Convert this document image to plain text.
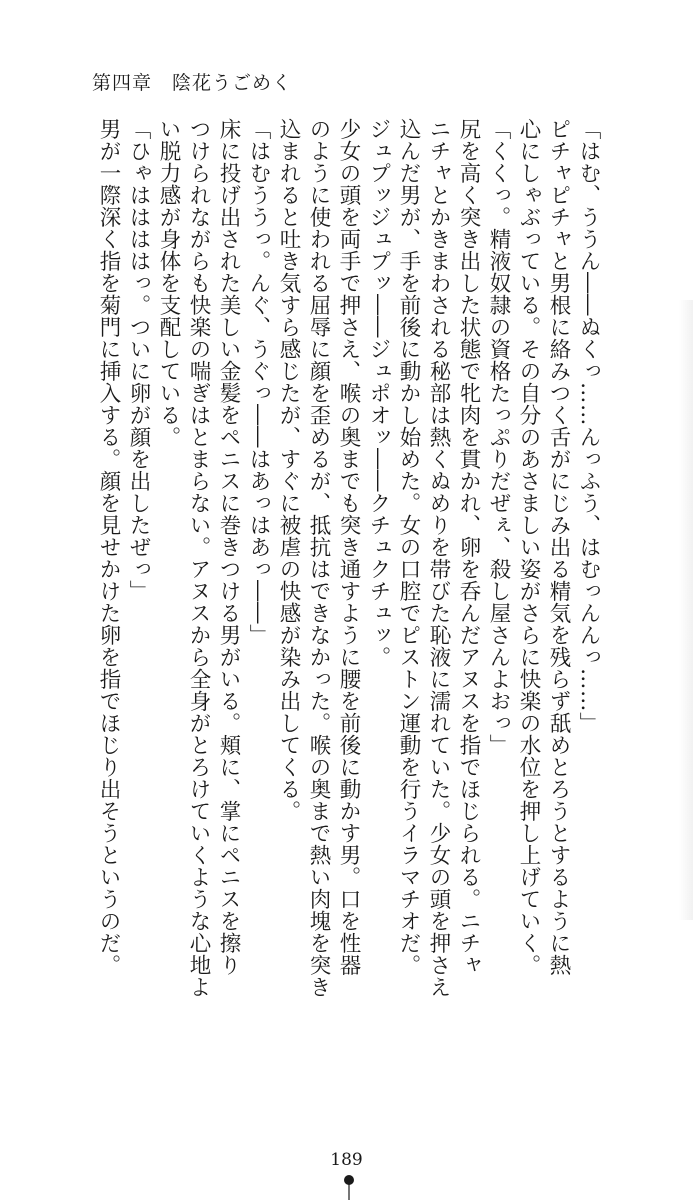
第四章　陰花うごめく
「はむ、ううん――ぬくっ……んっふう、はむっんんっ……」
ピチャピチャと男根に絡みつく舌がにじみ出る精気を残らず舐めとろうとするように熱
心にしゃぶっている。その自分のあさましい姿がさらに快楽の水位を押し上げていく。
「くくっ。精液奴隷の資格たっぷりだぜぇ、殺し屋さんよおっ」
尻を高く突き出した状態で牝肉を貫かれ、卵を呑んだアヌスを指でほじられる。ニチャ
ニチャとかきまわされる秘部は熱くぬめりを帯びた恥液に濡れていた。少女の頭を押さえ
込んだ男が、手を前後に動かし始めた。女の口腔でピストン運動を行うイラマチオだ。
ジュプッジュプッ――ジュポオッ――クチュクチュッ。
少女の頭を両手で押さえ、喉の奥までも突き通すように腰を前後に動かす男。口を性器
のように使われる屈辱に顔を歪めるが、抵抗はできなかった。喉の奥まで熱い肉塊を突き
込まれると吐き気すら感じたが、すぐに被虐の快感が染み出してくる。
「はむううっ。んぐ、うぐっ――はあっはあっ――」
床に投げ出された美しい金髪をペニスに巻きつける男がいる。頬に、掌にペニスを擦り
つけられながらも快楽の喘ぎはとまらない。アヌスから全身がとろけていくような心地よ
い脱力感が身体を支配している。
「ひゃははははっ。ついに卵が顔を出したぜっ」
男が一際深く指を菊門に挿入する。顔を見せかけた卵を指でほじり出そうというのだ。
189
